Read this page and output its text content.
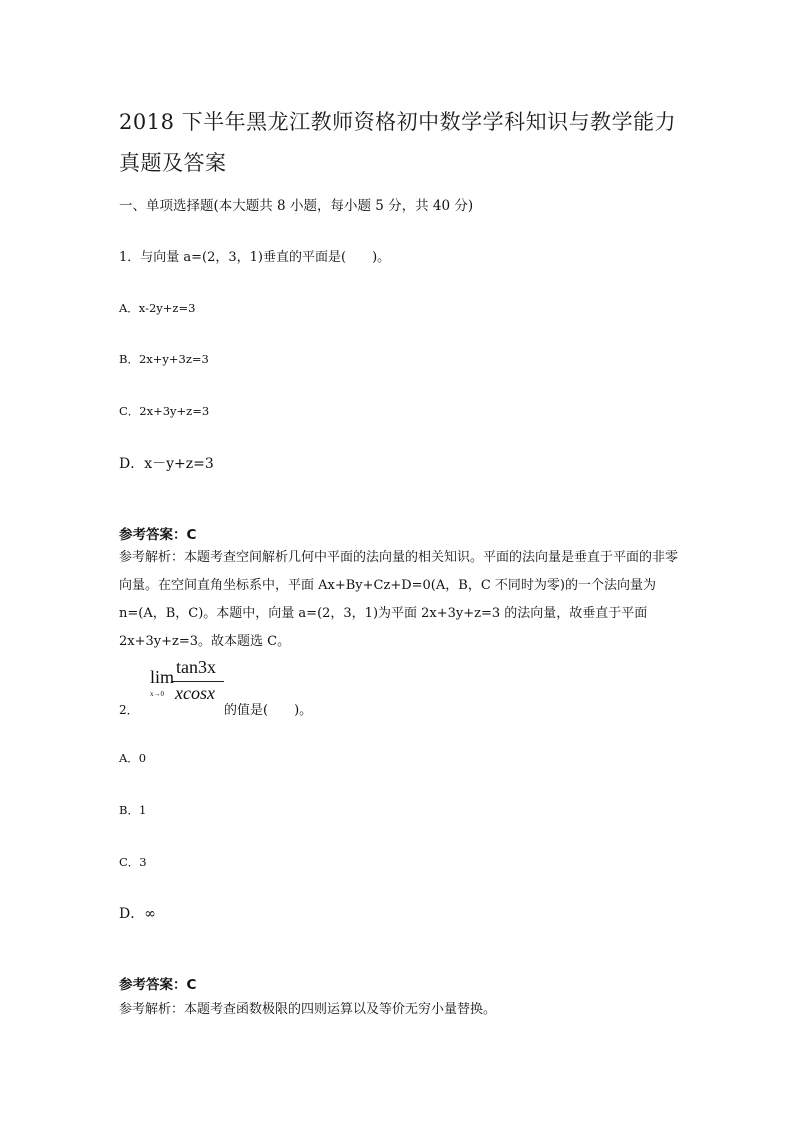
2018 下半年黑龙江教师资格初中数学学科知识与教学能力
真题及答案
一、单项选择题(本大题共 8 小题，每小题 5 分，共 40 分)
1．与向量 a=(2，3，1)垂直的平面是(　　)。
A．x-2y+z=3
B．2x+y+3z=3
C．2x+3y+z=3
D．x－y+z=3
参考答案：C
参考解析：本题考查空间解析几何中平面的法向量的相关知识。平面的法向量是垂直于平面的非零向量。在空间直角坐标系中，平面 Ax+By+Cz+D=0(A，B，C 不同时为零)的一个法向量为 n=(A，B，C)。本题中，向量 a=(2，3，1)为平面 2x+3y+z=3 的法向量，故垂直于平面 2x+3y+z=3。故本题选 C。
tan3x
lim
x→0 xcosx
2．	的值是(　　)。
A．0
B．1
C．3
D．∞
参考答案：C
参考解析：本题考查函数极限的四则运算以及等价无穷小量替换。
